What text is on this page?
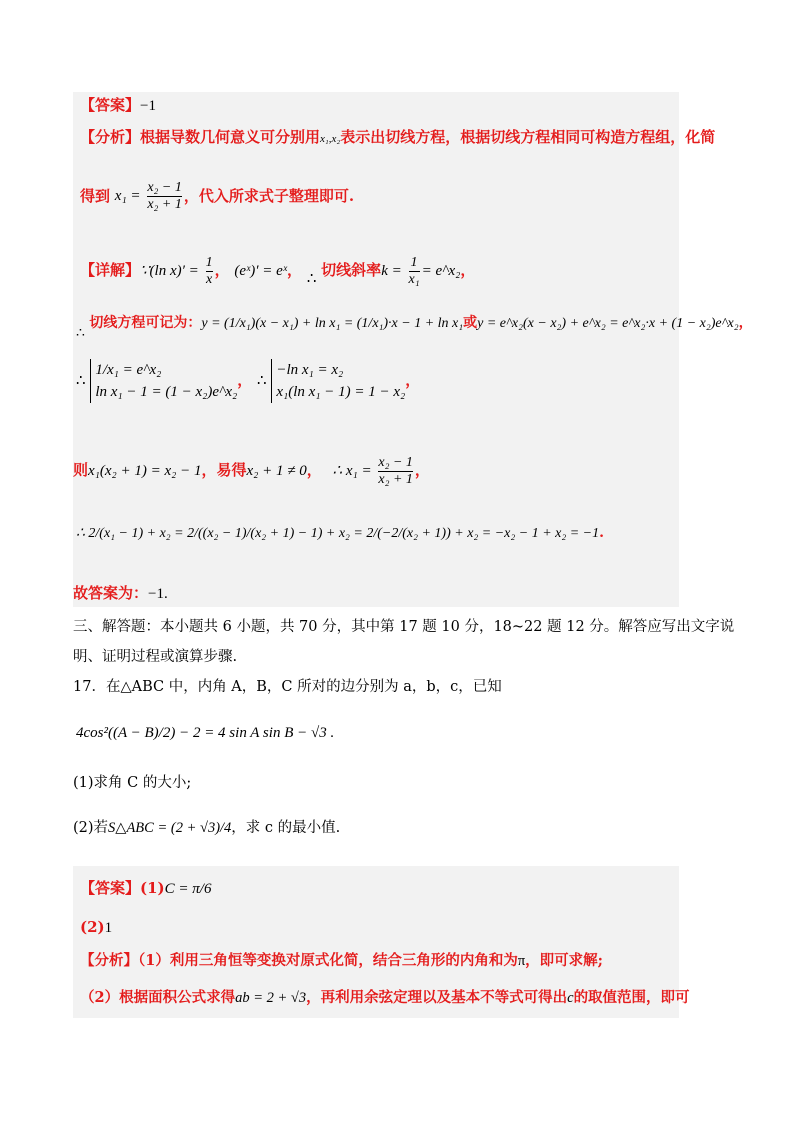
【答案】−1
【分析】根据导数几何意义可分别用x₁,x₂表示出切线方程，根据切线方程相同可构造方程组，化简
得到 $x_1 = \frac{\text{x₂ − 1}}{\text{x₂ + 1}}$ ，代入所求式子整理即可.
【详解】∵(ln $x)' = \frac{1}{x}$ ， (eˣ)′ = eˣ， ∴ 切线斜率$k = \frac{1}{\text{x₁}}$ = e^x₂，
∴ 切线方程可记为：y = (1/x₁)(x − x₁) + ln x₁ = (1/x₁)·x − 1 + ln x₁或y = e^x₂(x − x₂) + e^x₂ = e^x₂·x + (1 − x₂)e^x₂，
∴
1/x₁ = e^x₂
ln x₁ − 1 = (1 − x₂)e^x₂
， ∴
−ln x₁ = x₂
x₁(ln x₁ − 1) = 1 − x₂
，
则x₁(x₂ + 1) = x₂ − 1，易得x₂ + 1 ≠ 0， ∴ $x_1 = \frac{\text{x₂ − 1}}{\text{x₂ + 1}}$ ，
∴ 2/(x₁ − 1) + x₂ = 2/((x₂ − 1)/(x₂ + 1) − 1) + x₂ = 2/(−2/(x₂ + 1)) + x₂ = −x₂ − 1 + x₂ = −1.
故答案为：−1.
三、解答题：本小题共 6 小题，共 70 分，其中第 17 题 10 分，18~22 题 12 分。解答应写出文字说
明、证明过程或演算步骤.
17．在△ABC 中，内角 A，B，C 所对的边分别为 a，b，c，已知
4cos²((A − B)/2) − 2 = 4 sin A sin B − √3 .
(1)求角 C 的大小;
(2)若S△ABC = (2 + √3)/4，求 c 的最小值.
【答案】(1)C = π/6
(2)1
【分析】（1）利用三角恒等变换对原式化简，结合三角形的内角和为π，即可求解;
（2）根据面积公式求得ab = 2 + √3，再利用余弦定理以及基本不等式可得出c的取值范围，即可
